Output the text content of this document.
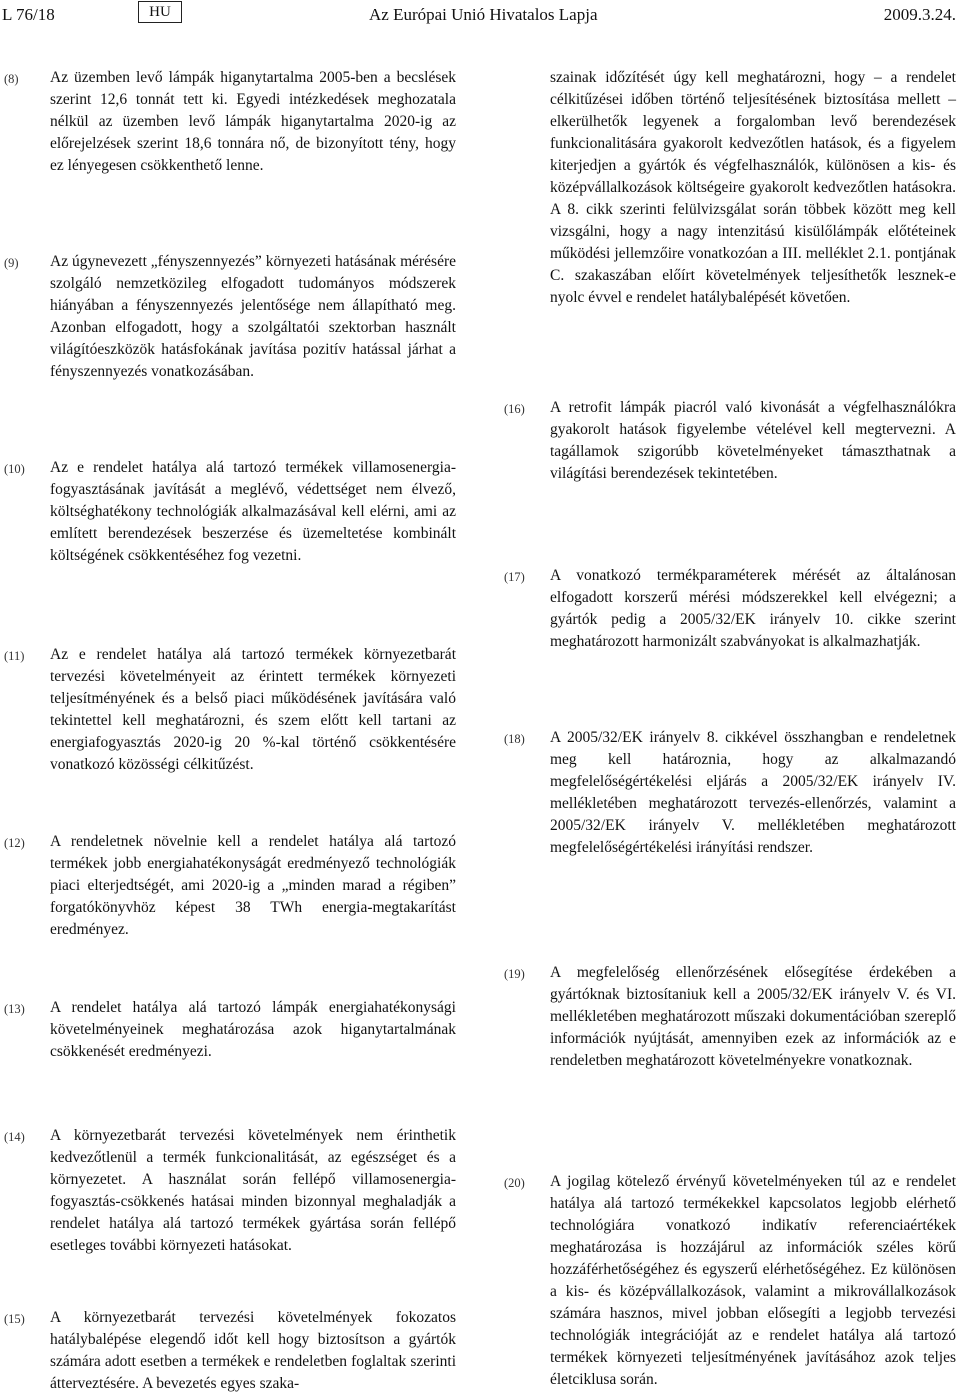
L 76/18	HU	Az Európai Unió Hivatalos Lapja	2009.3.24.
(8) Az üzemben levő lámpák higanytartalma 2005-ben a becslések szerint 12,6 tonnát tett ki. Egyedi intézkedések meghozatala nélkül az üzemben levő lámpák higanytartalma 2020-ig az előrejelzések szerint 18,6 tonnára nő, de bizonyított tény, hogy ez lényegesen csökkenthető lenne.
(9) Az úgynevezett „fényszennyezés” környezeti hatásának mérésére szolgáló nemzetközileg elfogadott tudományos módszerek hiányában a fényszennyezés jelentősége nem állapítható meg. Azonban elfogadott, hogy a szolgáltatói szektorban használt világítóeszközök hatásfokának javítása pozitív hatással járhat a fényszennyezés vonatkozásában.
(10) Az e rendelet hatálya alá tartozó termékek villamosenergia-fogyasztásának javítását a meglévő, védettséget nem élvező, költséghatékony technológiák alkalmazásával kell elérni, ami az említett berendezések beszerzése és üzemeltetése kombinált költségének csökkentéséhez fog vezetni.
(11) Az e rendelet hatálya alá tartozó termékek környezetbarát tervezési követelményeit az érintett termékek környezeti teljesítményének és a belső piaci működésének javítására való tekintettel kell meghatározni, és szem előtt kell tartani az energiafogyasztás 2020-ig 20 %-kal történő csökkentésére vonatkozó közösségi célkitűzést.
(12) A rendeletnek növelnie kell a rendelet hatálya alá tartozó termékek jobb energiahatékonyságát eredményező technológiák piaci elterjedtségét, ami 2020-ig a „minden marad a régiben” forgatókönyvhöz képest 38 TWh energia-megtakarítást eredményez.
(13) A rendelet hatálya alá tartozó lámpák energiahatékonysági követelményeinek meghatározása azok higanytartalmának csökkenését eredményezi.
(14) A környezetbarát tervezési követelmények nem érinthetik kedvezőtlenül a termék funkcionalitását, az egészséget és a környezetet. A használat során fellépő villamosenergia-fogyasztás-csökkenés hatásai minden bizonnyal meghaladják a rendelet hatálya alá tartozó termékek gyártása során fellépő esetleges további környezeti hatásokat.
(15) A környezetbarát tervezési követelmények fokozatos hatálybalépése elegendő időt kell hogy biztosítson a gyártók számára adott esetben a termékek e rendeletben foglaltak szerinti átterveztésére. A bevezetés egyes szaka-
szainak időzítését úgy kell meghatározni, hogy – a rendelet célkitűzései időben történő teljesítésének biztosítása mellett – elkerülhetők legyenek a forgalomban levő berendezések funkcionalitására gyakorolt kedvezőtlen hatások, és a figyelem kiterjedjen a gyártók és végfelhasználók, különösen a kis- és középvállalkozások költségeire gyakorolt kedvezőtlen hatásokra. A 8. cikk szerinti felülvizsgálat során többek között meg kell vizsgálni, hogy a nagy intenzitású kisülőlámpák előtéteinek működési jellemzőire vonatkozóan a III. melléklet 2.1. pontjának C. szakaszában előírt követelmények teljesíthetők lesznek-e nyolc évvel e rendelet hatálybalépését követően.
(16) A retrofit lámpák piacról való kivonását a végfelhasználókra gyakorolt hatások figyelembe vételével kell megtervezni. A tagállamok szigorúbb követelményeket támaszthatnak a világítási berendezések tekintetében.
(17) A vonatkozó termékparaméterek mérését az általánosan elfogadott korszerű mérési módszerekkel kell elvégezni; a gyártók pedig a 2005/32/EK irányelv 10. cikke szerint meghatározott harmonizált szabványokat is alkalmazhatják.
(18) A 2005/32/EK irányelv 8. cikkével összhangban e rendeletnek meg kell határoznia, hogy az alkalmazandó megfelelőségértékelési eljárás a 2005/32/EK irányelv IV. mellékletében meghatározott tervezés-ellenőrzés, valamint a 2005/32/EK irányelv V. mellékletében meghatározott megfelelőségértékelési irányítási rendszer.
(19) A megfelelőség ellenőrzésének elősegítése érdekében a gyártóknak biztosítaniuk kell a 2005/32/EK irányelv V. és VI. mellékletében meghatározott műszaki dokumentációban szereplő információk nyújtását, amennyiben ezek az információk az e rendeletben meghatározott követelményekre vonatkoznak.
(20) A jogilag kötelező érvényű követelményeken túl az e rendelet hatálya alá tartozó termékekkel kapcsolatos legjobb elérhető technológiára vonatkozó indikatív referenciaértékek meghatározása is hozzájárul az információk széles körű hozzáférhetőségéhez és egyszerű elérhetőségéhez. Ez különösen a kis- és középvállalkozások, valamint a mikrovállalkozások számára hasznos, mivel jobban elősegíti a legjobb tervezési technológiák integrációját az e rendelet hatálya alá tartozó termékek környezeti teljesítményének javításához azok teljes életciklusa során.
